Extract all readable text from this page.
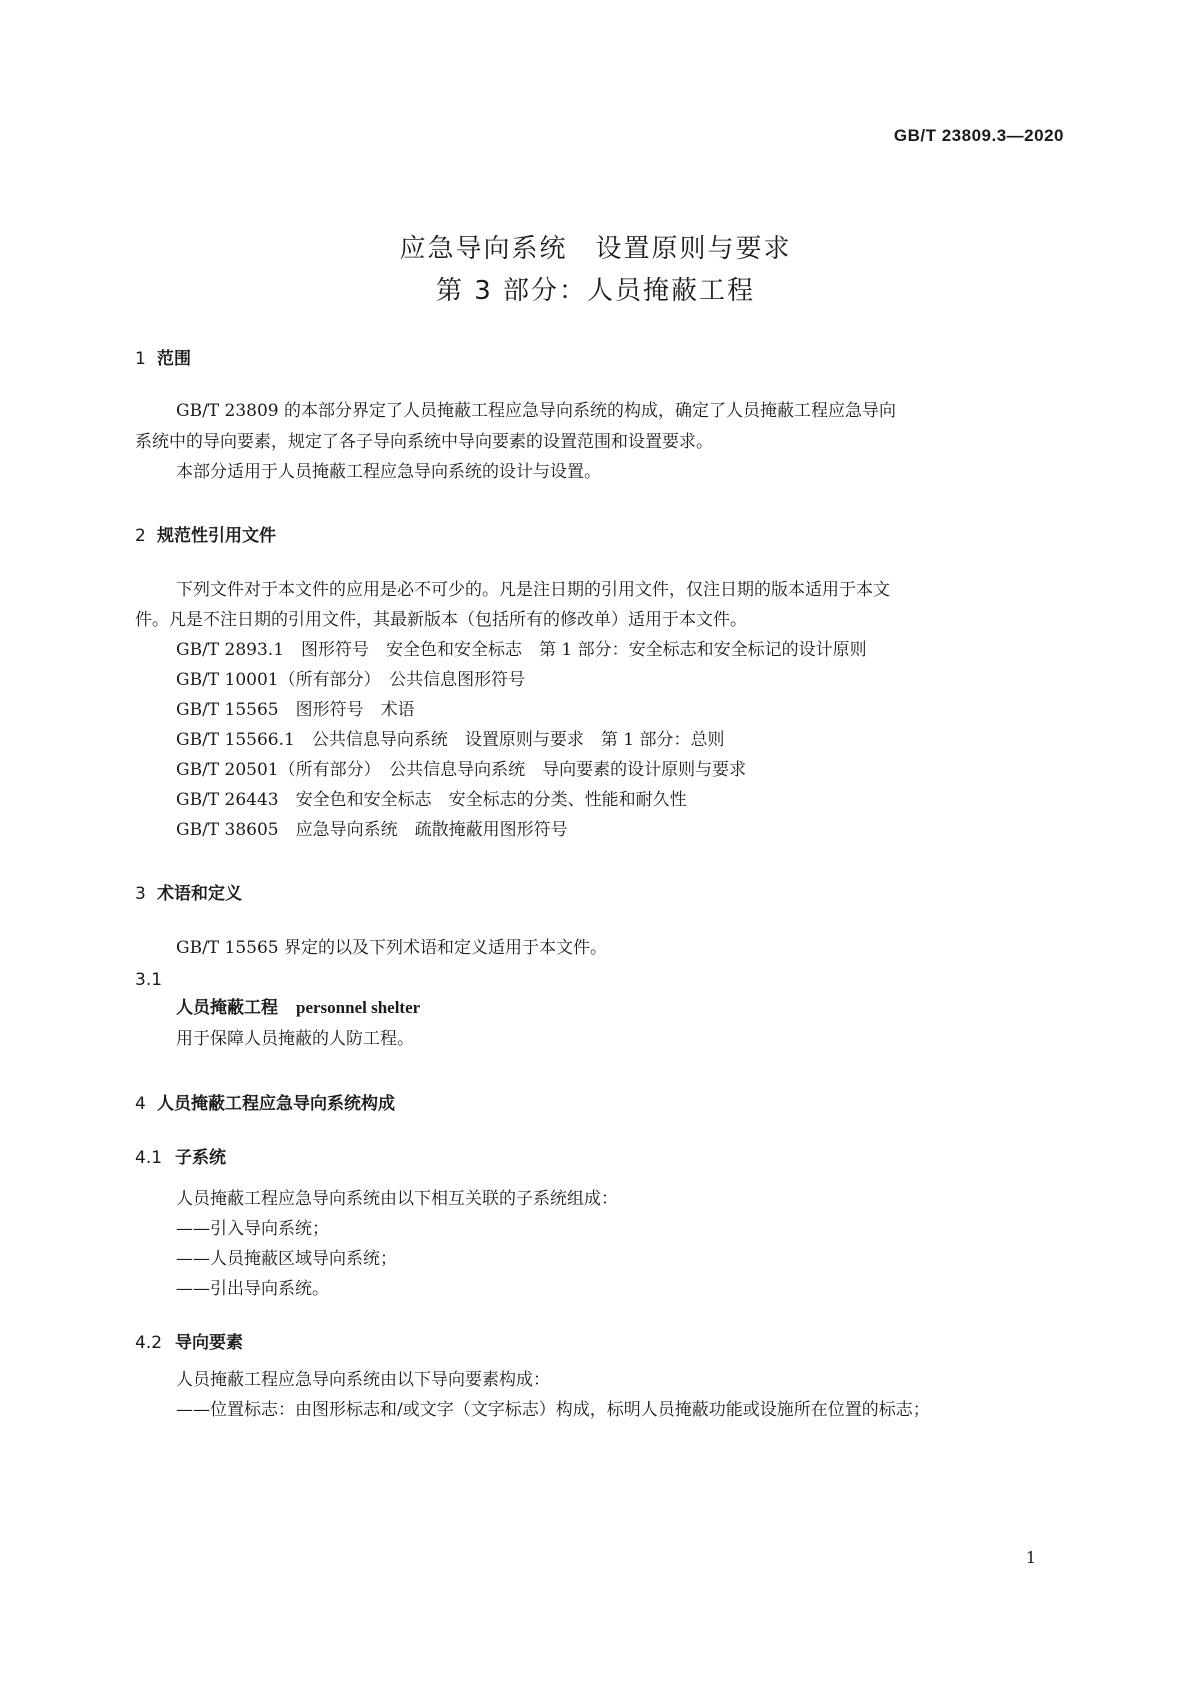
GB/T 23809.3—2020
应急导向系统　设置原则与要求
第 3 部分：人员掩蔽工程
1 范围
GB/T 23809 的本部分界定了人员掩蔽工程应急导向系统的构成，确定了人员掩蔽工程应急导向
系统中的导向要素，规定了各子导向系统中导向要素的设置范围和设置要求。
本部分适用于人员掩蔽工程应急导向系统的设计与设置。
2 规范性引用文件
下列文件对于本文件的应用是必不可少的。凡是注日期的引用文件，仅注日期的版本适用于本文
件。凡是不注日期的引用文件，其最新版本（包括所有的修改单）适用于本文件。
GB/T 2893.1　图形符号　安全色和安全标志　第 1 部分：安全标志和安全标记的设计原则
GB/T 10001（所有部分）　公共信息图形符号
GB/T 15565　图形符号　术语
GB/T 15566.1　公共信息导向系统　设置原则与要求　第 1 部分：总则
GB/T 20501（所有部分）　公共信息导向系统　导向要素的设计原则与要求
GB/T 26443　安全色和安全标志　安全标志的分类、性能和耐久性
GB/T 38605　应急导向系统　疏散掩蔽用图形符号
3 术语和定义
GB/T 15565 界定的以及下列术语和定义适用于本文件。
3.1
人员掩蔽工程 personnel shelter
用于保障人员掩蔽的人防工程。
4 人员掩蔽工程应急导向系统构成
4.1 子系统
人员掩蔽工程应急导向系统由以下相互关联的子系统组成：
——引入导向系统；
——人员掩蔽区域导向系统；
——引出导向系统。
4.2 导向要素
人员掩蔽工程应急导向系统由以下导向要素构成：
——位置标志：由图形标志和/或文字（文字标志）构成，标明人员掩蔽功能或设施所在位置的标志；
1
